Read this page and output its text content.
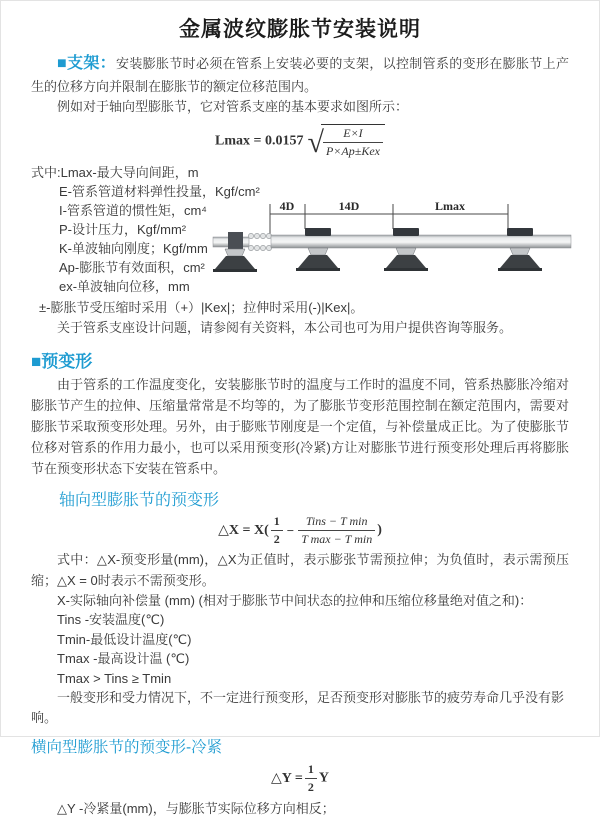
金属波纹膨胀节安装说明

■支架：安装膨胀节时必须在管系上安装必要的支架，以控制管系的变形在膨胀节上产生的位移方向并限制在膨胀节的额定位移范围内。

例如对于轴向型膨胀节，它对管系支座的基本要求如图所示：

Lmax = 0.0157 √ $\frac{E\times I}{\text{P×Ap±Kex}}$
式中:Lmax-最大导向间距，m
E-管系管道材料弹性投量，Kgf/cm²
I-管系管道的惯性矩，cm⁴
P-设计压力，Kgf/mm²
K-单波轴向刚度；Kgf/mm
Ap-膨胀节有效面积，cm²
ex-单波轴向位移，mm
4D	14D	Lmax

±-膨胀节受压缩时采用（+）|Kex|；拉伸时采用(-)|Kex|。

关于管系支座设计问题，请参阅有关资料，本公司也可为用户提供咨询等服务。

■预变形

由于管系的工作温度变化，安装膨胀节时的温度与工作时的温度不同，管系热膨胀冷缩对膨胀节产生的拉伸、压缩量常常是不均等的，为了膨胀节变形范围控制在额定范围内，需要对膨胀节采取预变形处理。另外，由于膨账节刚度是一个定值，与补偿量成正比。为了使膨胀节位移对管系的作用力最小，也可以采用预变形(冷紧)方让对膨胀节进行预变形处理后再将膨胀节在预变形状态下安装在管系中。

轴向型膨胀节的预变形
△X = $X( \frac{1}{2} - \frac{\text{Tins − T min}}{\text{T max − T min}}$ )

式中：△X-预变形量(mm)，△X为正值时，表示膨张节需预拉伸；为负值时，表示需预压缩；△X = 0时表示不需预变形。

X-实际轴向补偿量 (mm) (相对于膨胀节中间状态的拉伸和压缩位移量绝对值之和)：
Tins -安装温度(℃)
Tmin-最低设计温度(℃)
Tmax -最高设计温 (℃)
Tmax > Tins ≥ Tmin
一般变形和受力情况下，不一定进行预变形，足否预变形对膨胀节的疲劳寿命几乎没有影响。
横向型膨胀节的预变形-冷紧
△Y = $\frac{1}{2}$ Y

△Y -冷紧量(mm)，与膨胀节实际位移方向相反；
